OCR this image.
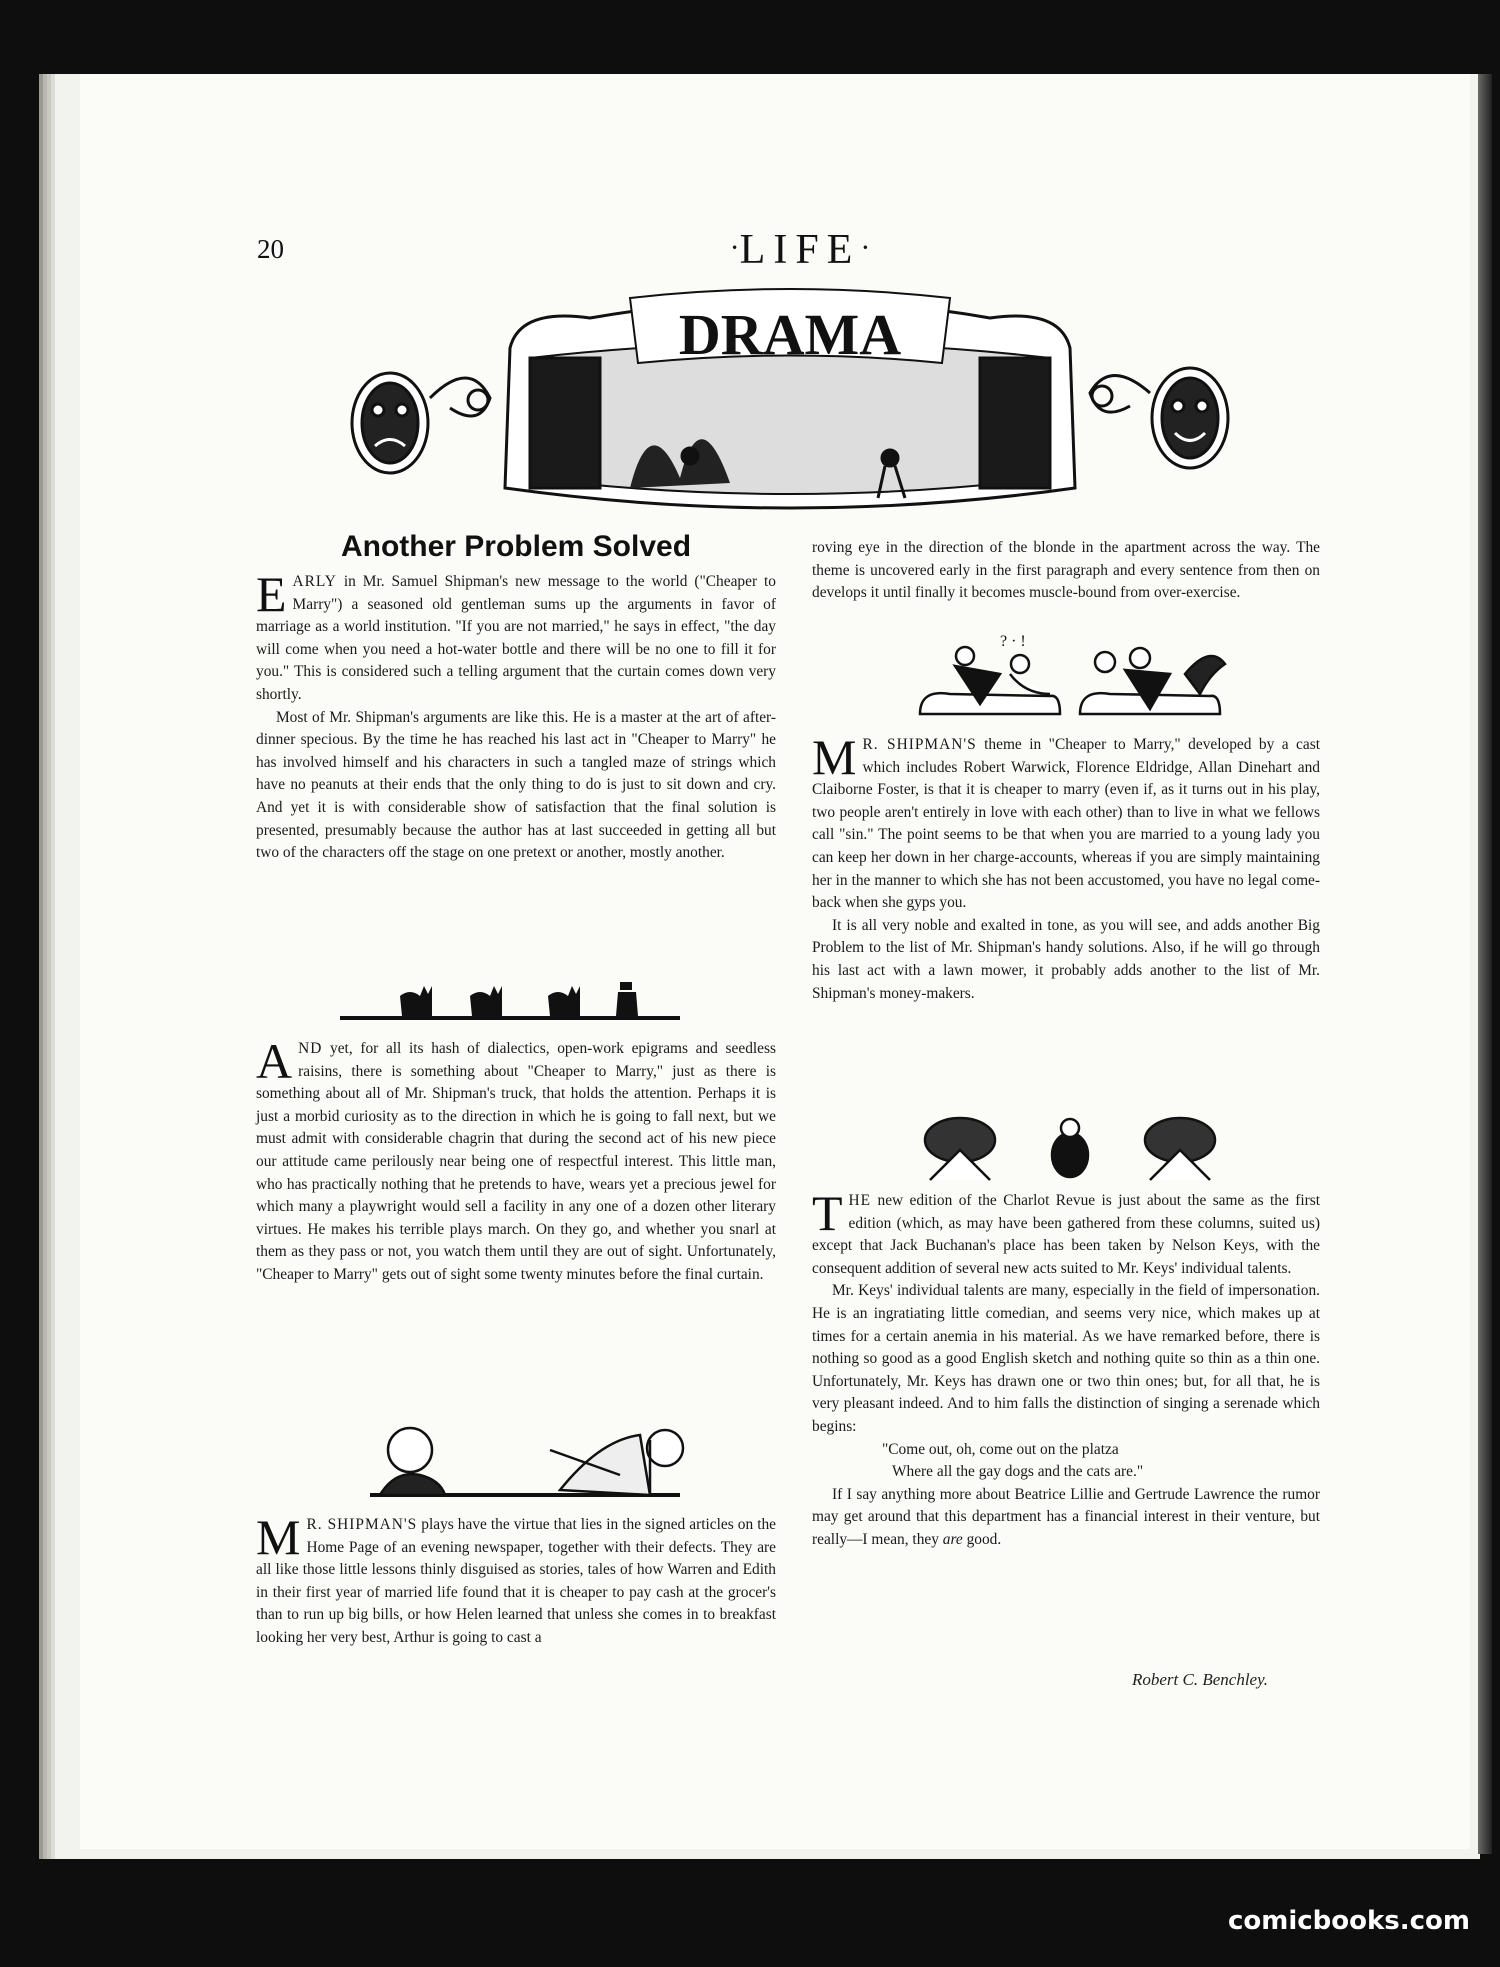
20	·LIFE·
DRAMA
Another Problem Solved

EARLY in Mr. Samuel Shipman's new message to the world ("Cheaper to Marry") a seasoned old gentleman sums up the arguments in favor of marriage as a world institution. "If you are not married," he says in effect, "the day will come when you need a hot-water bottle and there will be no one to fill it for you." This is considered such a telling argument that the curtain comes down very shortly.

Most of Mr. Shipman's arguments are like this. He is a master at the art of after-dinner specious. By the time he has reached his last act in "Cheaper to Marry" he has involved himself and his characters in such a tangled maze of strings which have no peanuts at their ends that the only thing to do is just to sit down and cry. And yet it is with considerable show of satisfaction that the final solution is presented, presumably because the author has at last succeeded in getting all but two of the characters off the stage on one pretext or another, mostly another.

AND yet, for all its hash of dialectics, open-work epigrams and seedless raisins, there is something about "Cheaper to Marry," just as there is something about all of Mr. Shipman's truck, that holds the attention. Perhaps it is just a morbid curiosity as to the direction in which he is going to fall next, but we must admit with considerable chagrin that during the second act of his new piece our attitude came perilously near being one of respectful interest. This little man, who has practically nothing that he pretends to have, wears yet a precious jewel for which many a playwright would sell a facility in any one of a dozen other literary virtues. He makes his terrible plays march. On they go, and whether you snarl at them as they pass or not, you watch them until they are out of sight. Unfortunately, "Cheaper to Marry" gets out of sight some twenty minutes before the final curtain.

M R. SHIPMAN'S plays have the virtue that lies in the signed articles on the Home Page of an evening newspaper, together with their defects. They are all like those little lessons thinly disguised as stories, tales of how Warren and Edith in their first year of married life found that it is cheaper to pay cash at the grocer's than to run up big bills, or how Helen learned that unless she comes in to breakfast looking her very best, Arthur is going to cast a

roving eye in the direction of the blonde in the apartment across the way. The theme is uncovered early in the first paragraph and every sentence from then on develops it until finally it becomes muscle-bound from over-exercise.

? · !

M R. SHIPMAN'S theme in "Cheaper to Marry," developed by a cast which includes Robert Warwick, Florence Eldridge, Allan Dinehart and Claiborne Foster, is that it is cheaper to marry (even if, as it turns out in his play, two people aren't entirely in love with each other) than to live in what we fellows call "sin." The point seems to be that when you are married to a young lady you can keep her down in her charge-accounts, whereas if you are simply maintaining her in the manner to which she has not been accustomed, you have no legal come-back when she gyps you.

It is all very noble and exalted in tone, as you will see, and adds another Big Problem to the list of Mr. Shipman's handy solutions. Also, if he will go through his last act with a lawn mower, it probably adds another to the list of Mr. Shipman's money-makers.

THE new edition of the Charlot Revue is just about the same as the first edition (which, as may have been gathered from these columns, suited us) except that Jack Buchanan's place has been taken by Nelson Keys, with the consequent addition of several new acts suited to Mr. Keys' individual talents.

Mr. Keys' individual talents are many, especially in the field of impersonation. He is an ingratiating little comedian, and seems very nice, which makes up at times for a certain anemia in his material. As we have remarked before, there is nothing so good as a good English sketch and nothing quite so thin as a thin one. Unfortunately, Mr. Keys has drawn one or two thin ones; but, for all that, he is very pleasant indeed. And to him falls the distinction of singing a serenade which begins:

"Come out, oh, come out on the platza

Where all the gay dogs and the cats are."

If I say anything more about Beatrice Lillie and Gertrude Lawrence the rumor may get around that this department has a financial interest in their venture, but really—I mean, they are good.

Robert C. Benchley.
comicbooks.com
